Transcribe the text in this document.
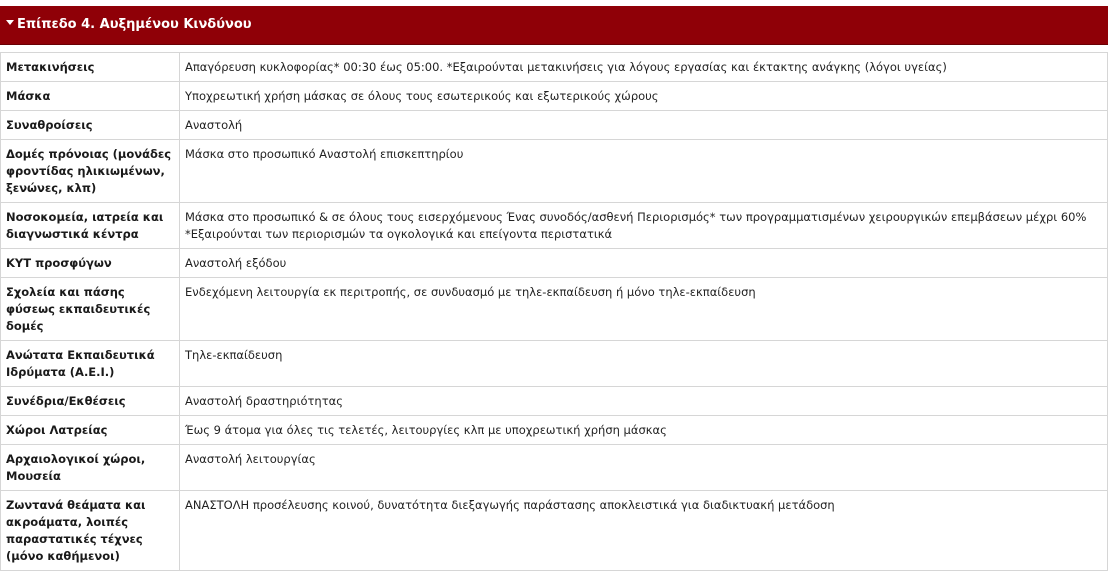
Επίπεδο 4. Αυξημένου Κινδύνου
Μετακινήσεις	Απαγόρευση κυκλοφορίας* 00:30 έως 05:00. *Εξαιρούνται μετακινήσεις για λόγους εργασίας και έκτακτης ανάγκης (λόγοι υγείας)
Μάσκα	Υποχρεωτική χρήση μάσκας σε όλους τους εσωτερικούς και εξωτερικούς χώρους
Συναθροίσεις	Αναστολή
Δομές πρόνοιας (μονάδες φροντίδας ηλικιωμένων, ξενώνες, κλπ)	Μάσκα στο προσωπικό Αναστολή επισκεπτηρίου
Νοσοκομεία, ιατρεία και διαγνωστικά κέντρα	Μάσκα στο προσωπικό & σε όλους τους εισερχόμενους Ένας συνοδός/ασθενή Περιορισμός* των προγραμματισμένων χειρουργικών επεμβάσεων μέχρι 60% *Εξαιρούνται των περιορισμών τα ογκολογικά και επείγοντα περιστατικά
ΚΥΤ προσφύγων	Αναστολή εξόδου
Σχολεία και πάσης φύσεως εκπαιδευτικές δομές	Ενδεχόμενη λειτουργία εκ περιτροπής, σε συνδυασμό με τηλε-εκπαίδευση ή μόνο τηλε-εκπαίδευση
Ανώτατα Εκπαιδευτικά Ιδρύματα (Α.Ε.Ι.)	Τηλε-εκπαίδευση
Συνέδρια/Εκθέσεις	Αναστολή δραστηριότητας
Χώροι Λατρείας	Έως 9 άτομα για όλες τις τελετές, λειτουργίες κλπ με υποχρεωτική χρήση μάσκας
Αρχαιολογικοί χώροι, Μουσεία	Αναστολή λειτουργίας
Ζωντανά θεάματα και ακροάματα, λοιπές παραστατικές τέχνες (μόνο καθήμενοι)	ΑΝΑΣΤΟΛΗ προσέλευσης κοινού, δυνατότητα διεξαγωγής παράστασης αποκλειστικά για διαδικτυακή μετάδοση
